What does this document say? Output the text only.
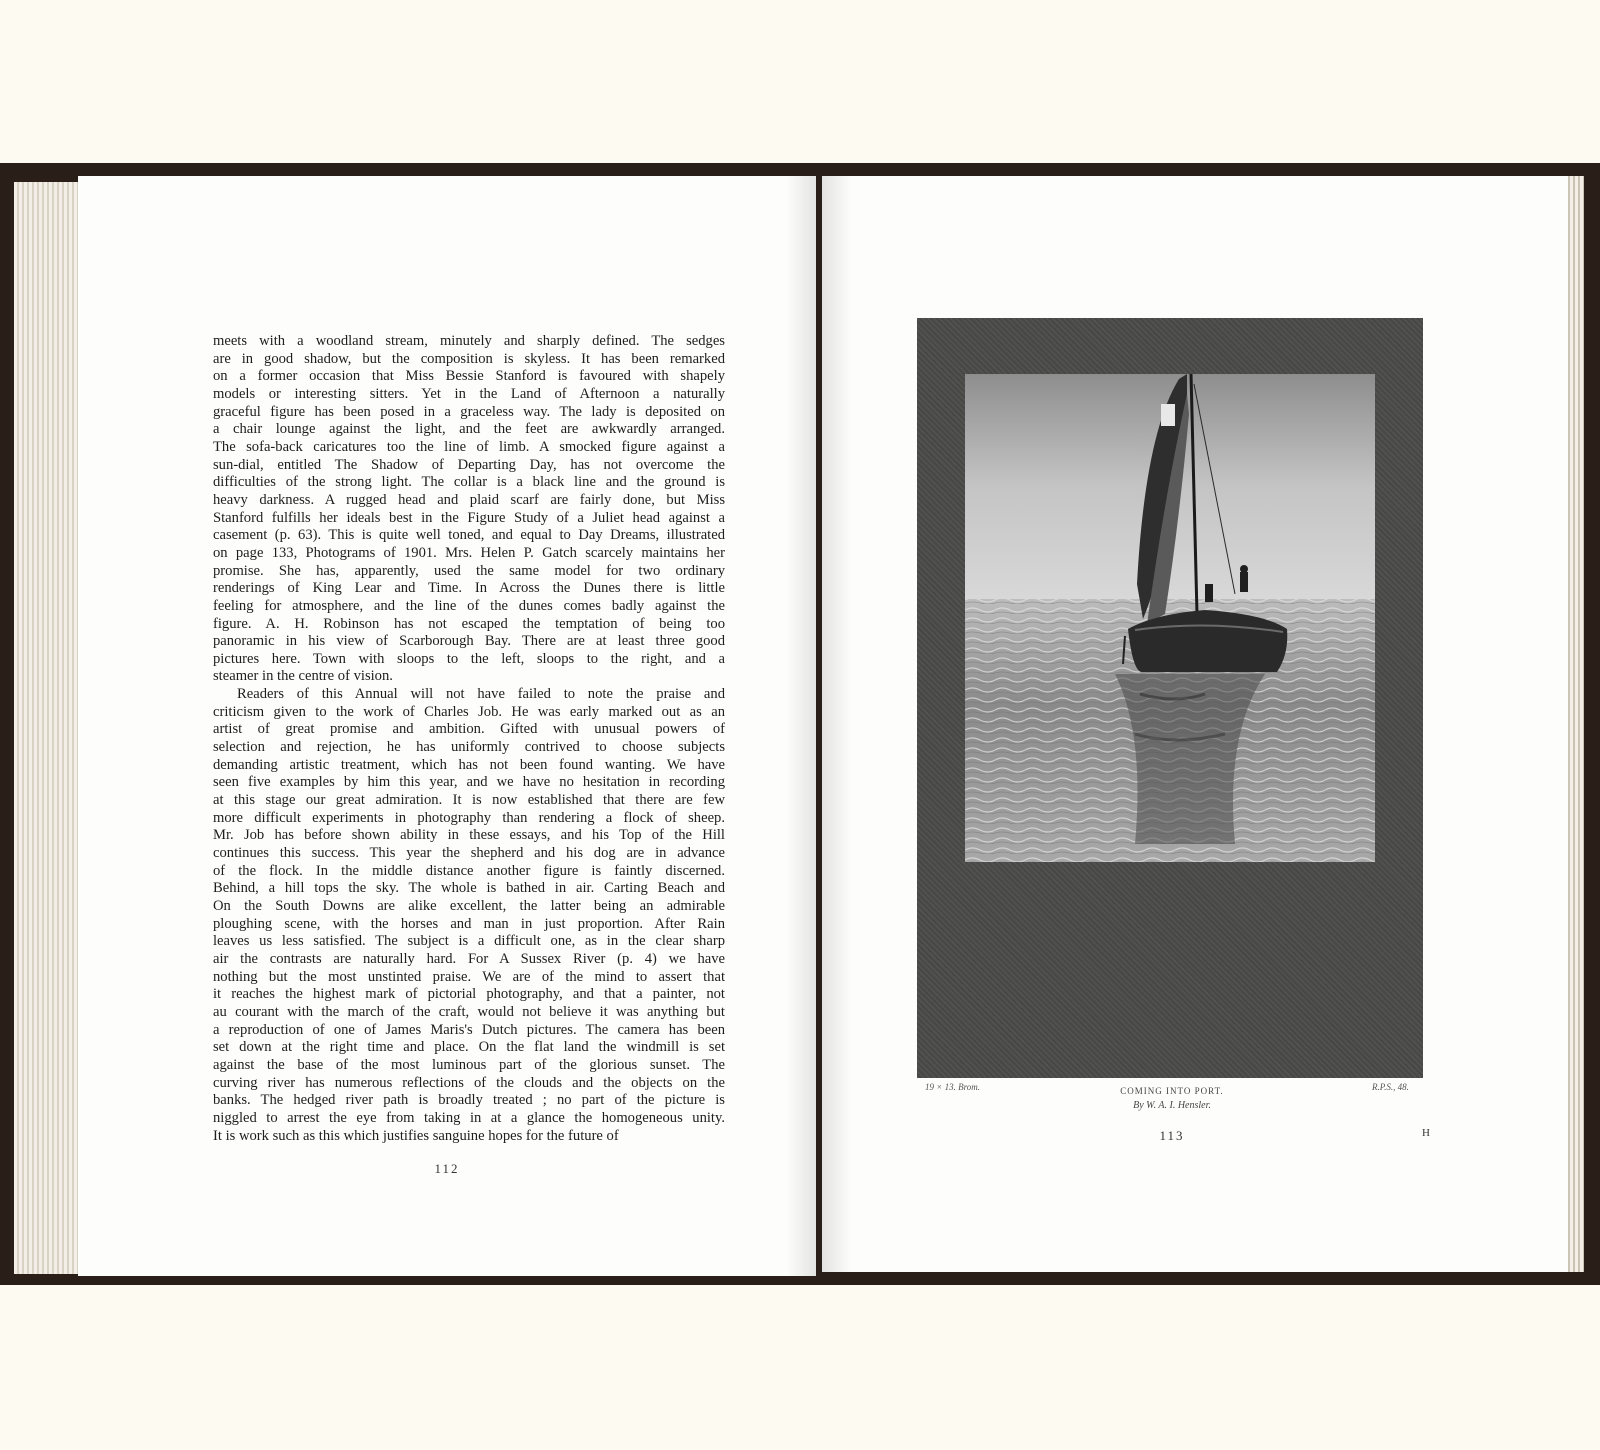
meets with a woodland stream, minutely and sharply defined. The sedges
are in good shadow, but the composition is skyless. It has been remarked
on a former occasion that Miss Bessie Stanford is favoured with shapely
models or interesting sitters. Yet in the Land of Afternoon a naturally
graceful figure has been posed in a graceless way. The lady is deposited on
a chair lounge against the light, and the feet are awkwardly arranged.
The sofa-back caricatures too the line of limb. A smocked figure against a
sun-dial, entitled The Shadow of Departing Day, has not overcome the
difficulties of the strong light. The collar is a black line and the ground is
heavy darkness. A rugged head and plaid scarf are fairly done, but Miss
Stanford fulfills her ideals best in the Figure Study of a Juliet head against a
casement (p. 63). This is quite well toned, and equal to Day Dreams, illustrated
on page 133, Photograms of 1901. Mrs. Helen P. Gatch scarcely maintains her
promise. She has, apparently, used the same model for two ordinary
renderings of King Lear and Time. In Across the Dunes there is little
feeling for atmosphere, and the line of the dunes comes badly against the
figure. A. H. Robinson has not escaped the temptation of being too
panoramic in his view of Scarborough Bay. There are at least three good
pictures here. Town with sloops to the left, sloops to the right, and a
steamer in the centre of vision.
Readers of this Annual will not have failed to note the praise and
criticism given to the work of Charles Job. He was early marked out as an
artist of great promise and ambition. Gifted with unusual powers of
selection and rejection, he has uniformly contrived to choose subjects
demanding artistic treatment, which has not been found wanting. We have
seen five examples by him this year, and we have no hesitation in recording
at this stage our great admiration. It is now established that there are few
more difficult experiments in photography than rendering a flock of sheep.
Mr. Job has before shown ability in these essays, and his Top of the Hill
continues this success. This year the shepherd and his dog are in advance
of the flock. In the middle distance another figure is faintly discerned.
Behind, a hill tops the sky. The whole is bathed in air. Carting Beach and
On the South Downs are alike excellent, the latter being an admirable
ploughing scene, with the horses and man in just proportion. After Rain
leaves us less satisfied. The subject is a difficult one, as in the clear sharp
air the contrasts are naturally hard. For A Sussex River (p. 4) we have
nothing but the most unstinted praise. We are of the mind to assert that
it reaches the highest mark of pictorial photography, and that a painter, not
au courant with the march of the craft, would not believe it was anything but
a reproduction of one of James Maris's Dutch pictures. The camera has been
set down at the right time and place. On the flat land the windmill is set
against the base of the most luminous part of the glorious sunset. The
curving river has numerous reflections of the clouds and the objects on the
banks. The hedged river path is broadly treated ; no part of the picture is
niggled to arrest the eye from taking in at a glance the homogeneous unity.
It is work such as this which justifies sanguine hopes for the future of
112
19 × 13. Brom.	COMING INTO PORT.
By W. A. I. Hensler.
R.P.S., 48.
113	H
